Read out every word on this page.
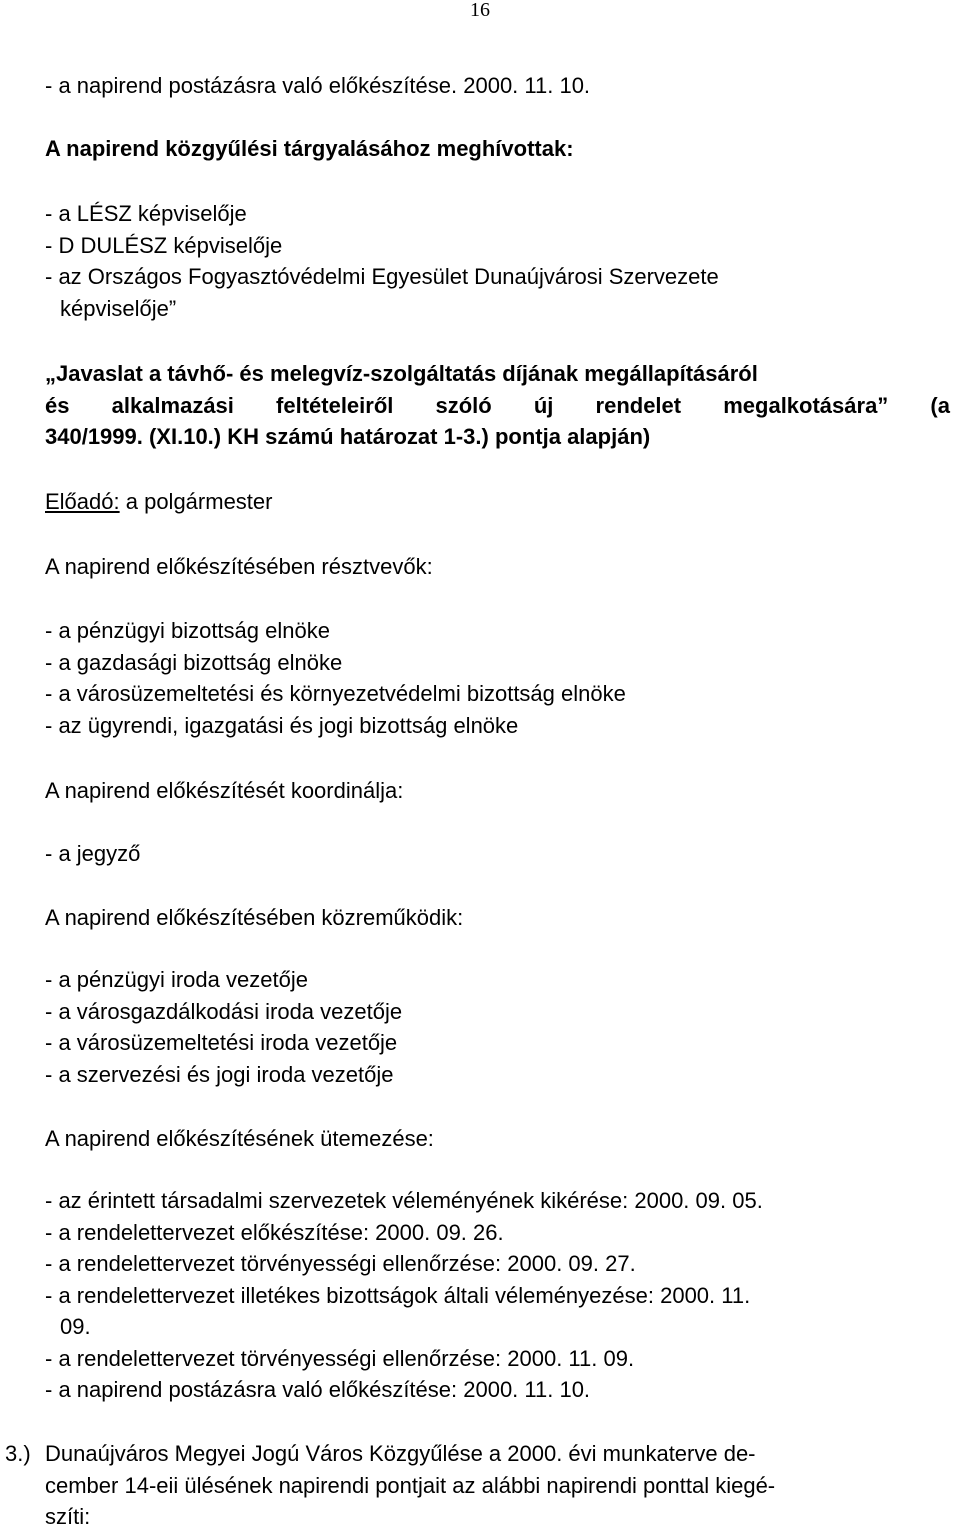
16
- a napirend postázásra való előkészítése. 2000. 11. 10.
A napirend közgyűlési tárgyalásához meghívottak:
- a LÉSZ képviselője
- D DULÉSZ képviselője
- az Országos Fogyasztóvédelmi Egyesület Dunaújvárosi Szervezete
képviselője”
„Javaslat a távhő- és melegvíz-szolgáltatás díjának megállapításáról
és alkalmazási feltételeiről szóló új rendelet megalkotására” (a
340/1999. (XI.10.) KH számú határozat 1-3.) pontja alapján)
Előadó: a polgármester
A napirend előkészítésében résztvevők:
- a pénzügyi bizottság elnöke
- a gazdasági bizottság elnöke
- a városüzemeltetési és környezetvédelmi bizottság elnöke
- az ügyrendi, igazgatási és jogi bizottság elnöke
A napirend előkészítését koordinálja:
- a jegyző
A napirend előkészítésében közreműködik:
- a pénzügyi iroda vezetője
- a városgazdálkodási iroda vezetője
- a városüzemeltetési iroda vezetője
- a szervezési és jogi iroda vezetője
A napirend előkészítésének ütemezése:
- az érintett társadalmi szervezetek véleményének kikérése: 2000. 09. 05.
- a rendelettervezet előkészítése: 2000. 09. 26.
- a rendelettervezet törvényességi ellenőrzése: 2000. 09. 27.
- a rendelettervezet illetékes bizottságok általi véleményezése: 2000. 11.
09.
- a rendelettervezet törvényességi ellenőrzése: 2000. 11. 09.
- a napirend postázásra való előkészítése: 2000. 11. 10.
3.) Dunaújváros Megyei Jogú Város Közgyűlése a 2000. évi munkaterve de-
cember 14-eii ülésének napirendi pontjait az alábbi napirendi ponttal kiegé-
szíti:
